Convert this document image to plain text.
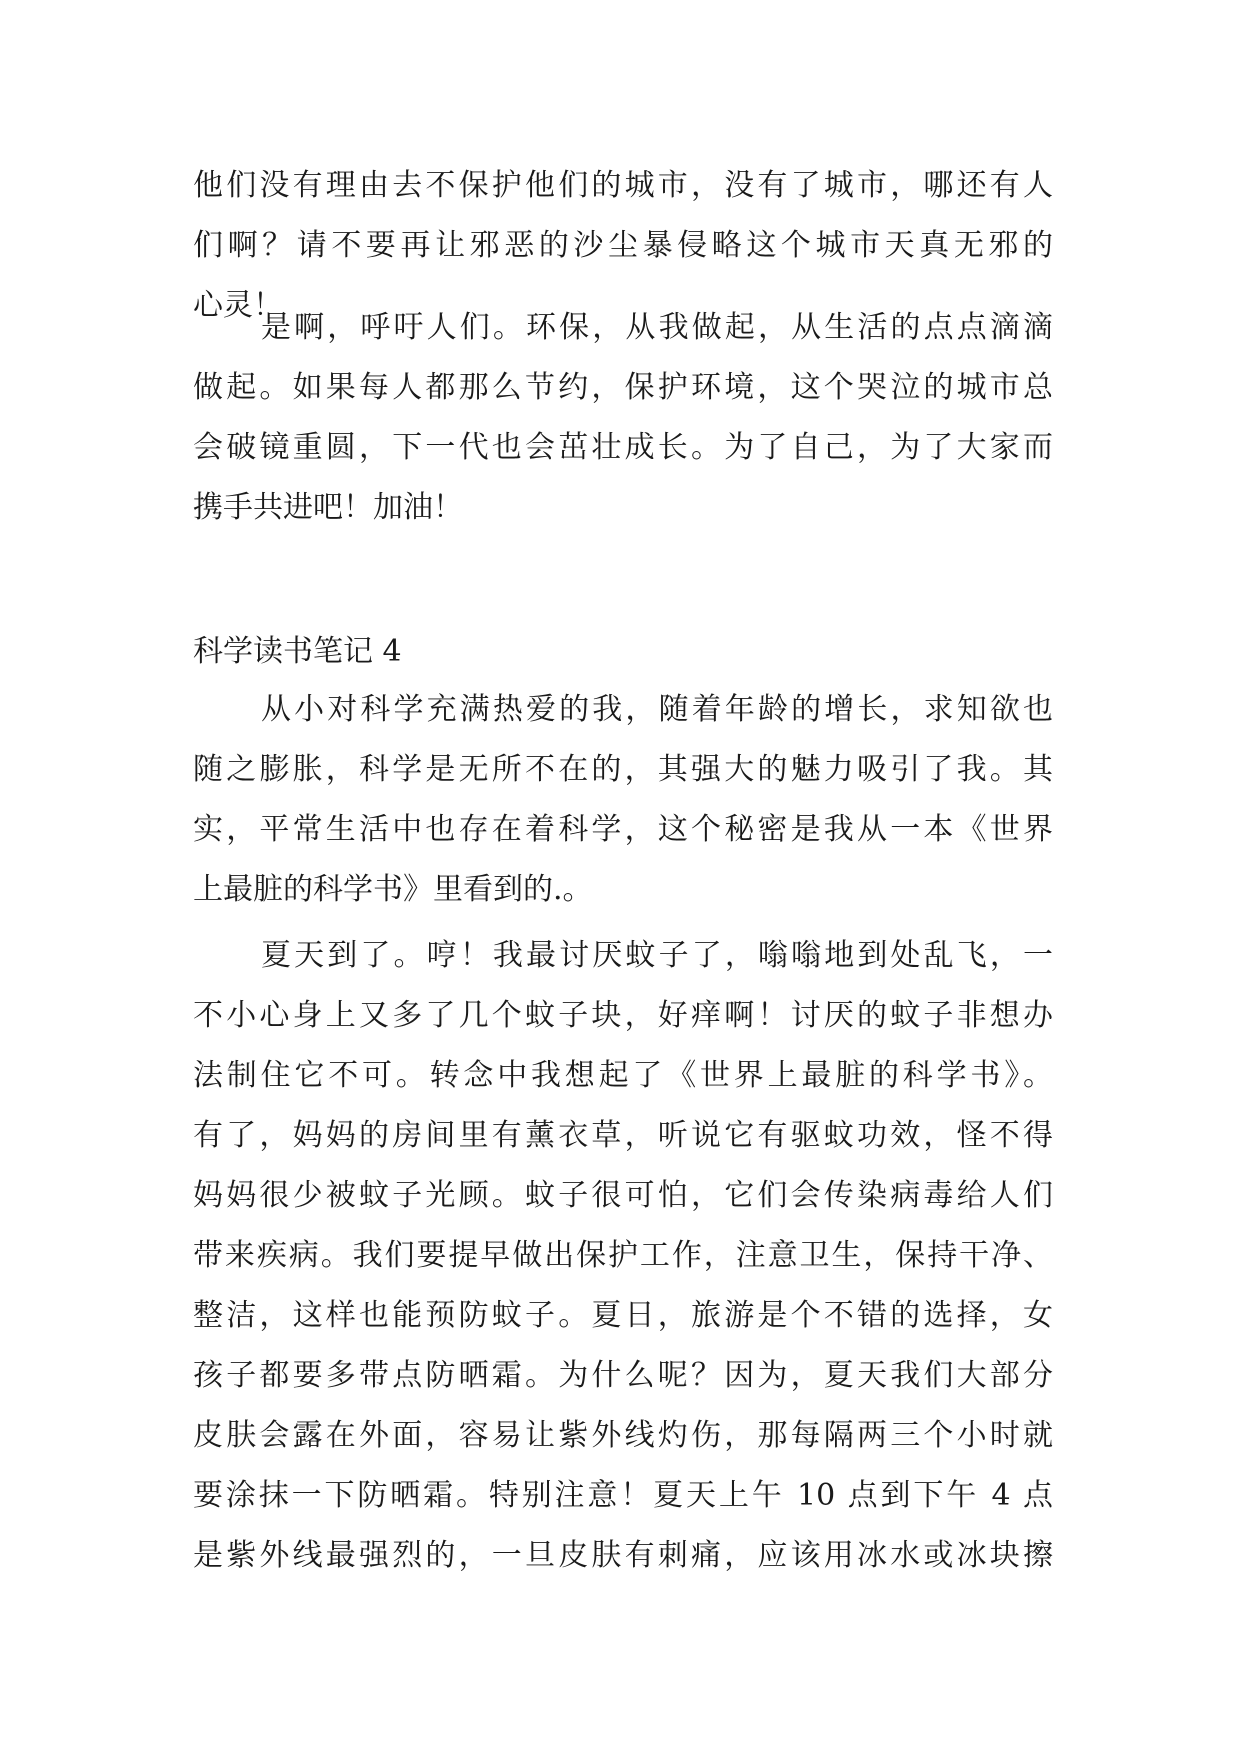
他们没有理由去不保护他们的城市，没有了城市，哪还有人
们啊？请不要再让邪恶的沙尘暴侵略这个城市天真无邪的
心灵！
是啊，呼吁人们。环保，从我做起，从生活的点点滴滴
做起。如果每人都那么节约，保护环境，这个哭泣的城市总
会破镜重圆，下一代也会茁壮成长。为了自己，为了大家而
携手共进吧！加油！
科学读书笔记 4
从小对科学充满热爱的我，随着年龄的增长，求知欲也
随之膨胀，科学是无所不在的，其强大的魅力吸引了我。其
实，平常生活中也存在着科学，这个秘密是我从一本《世界
上最脏的科学书》里看到的.。
夏天到了。哼！我最讨厌蚊子了，嗡嗡地到处乱飞，一
不小心身上又多了几个蚊子块，好痒啊！讨厌的蚊子非想办
法制住它不可。转念中我想起了《世界上最脏的科学书》。
有了，妈妈的房间里有薰衣草，听说它有驱蚊功效，怪不得
妈妈很少被蚊子光顾。蚊子很可怕，它们会传染病毒给人们
带来疾病。我们要提早做出保护工作，注意卫生，保持干净、
整洁，这样也能预防蚊子。夏日，旅游是个不错的选择，女
孩子都要多带点防晒霜。为什么呢？因为，夏天我们大部分
皮肤会露在外面，容易让紫外线灼伤，那每隔两三个小时就
要涂抹一下防晒霜。特别注意！夏天上午 10 点到下午 4 点
是紫外线最强烈的，一旦皮肤有刺痛，应该用冰水或冰块擦
